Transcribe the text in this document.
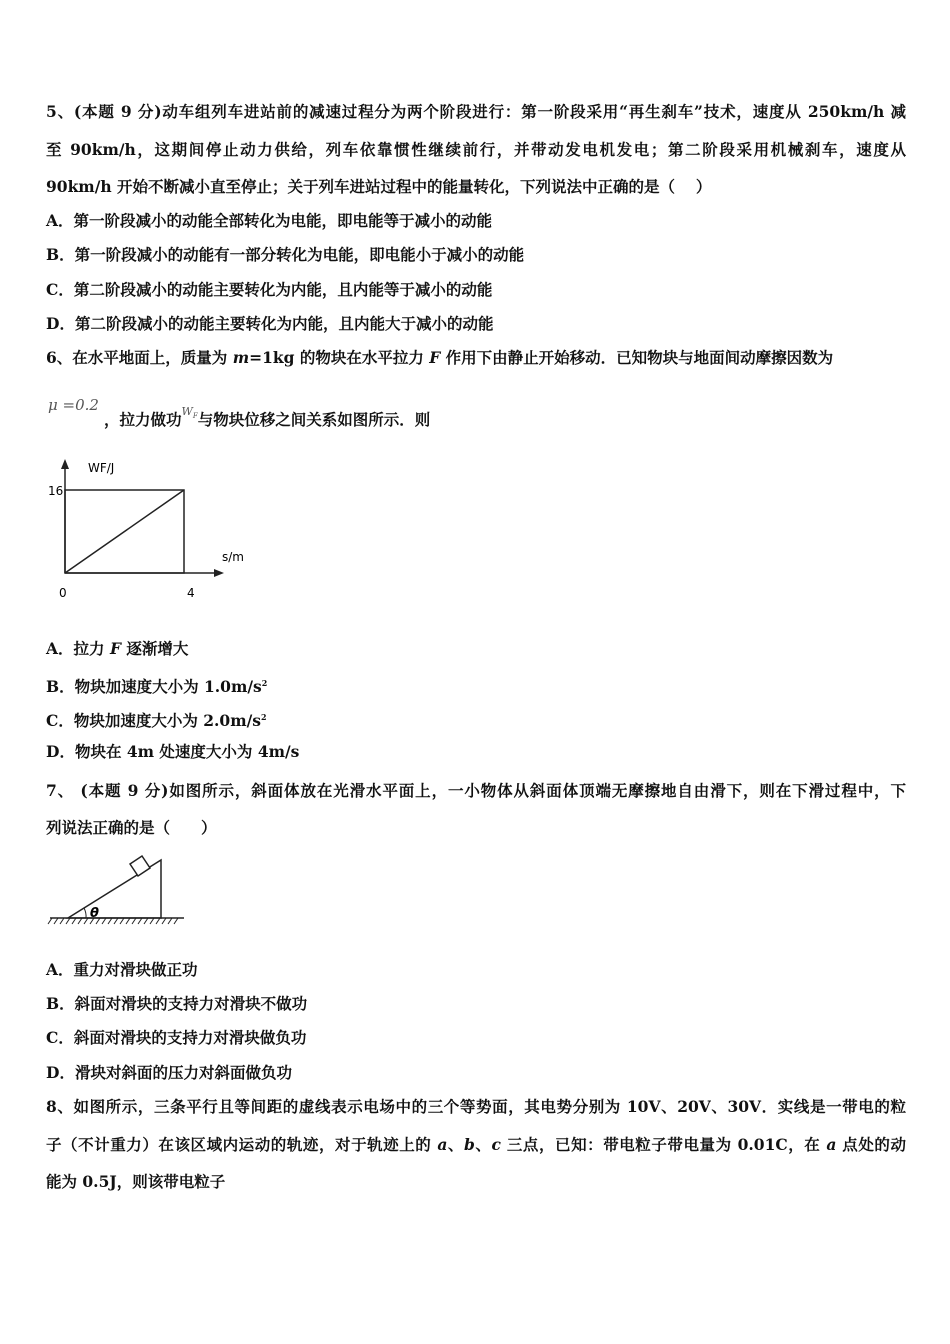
5、(本题 9 分)动车组列车进站前的减速过程分为两个阶段进行：第一阶段采用“再生刹车”技术，速度从 250km/h 减
至 90km/h，这期间停止动力供给，列车依靠惯性继续前行，并带动发电机发电；第二阶段采用机械刹车，速度从
90km/h 开始不断减小直至停止；关于列车进站过程中的能量转化，下列说法中正确的是（　 ）
A．第一阶段减小的动能全部转化为电能，即电能等于减小的动能
B．第一阶段减小的动能有一部分转化为电能，即电能小于减小的动能
C．第二阶段减小的动能主要转化为内能，且内能等于减小的动能
D．第二阶段减小的动能主要转化为内能，且内能大于减小的动能
6、在水平地面上，质量为 m=1kg 的物块在水平拉力 F 作用下由静止开始移动．已知物块与地面间动摩擦因数为
μ =0.2
，拉力做功$^{W_F}$与物块位移之间关系如图所示．则
WF/J
s/m
16
4
0
A．拉力 F 逐渐增大
B．物块加速度大小为 $1.0m/s^2$
C．物块加速度大小为 $2.0m/s^2$
D．物块在 4m 处速度大小为 4m/s
7、 (本题 9 分)如图所示，斜面体放在光滑水平面上，一小物体从斜面体顶端无摩擦地自由滑下，则在下滑过程中，下
列说法正确的是（　　）
θ
A．重力对滑块做正功
B．斜面对滑块的支持力对滑块不做功
C．斜面对滑块的支持力对滑块做负功
D．滑块对斜面的压力对斜面做负功
8、如图所示，三条平行且等间距的虚线表示电场中的三个等势面，其电势分别为 10V、20V、30V．实线是一带电的粒
子（不计重力）在该区域内运动的轨迹，对于轨迹上的 a、b、c 三点，已知：带电粒子带电量为 0.01C，在 a 点处的动
能为 0.5J，则该带电粒子
